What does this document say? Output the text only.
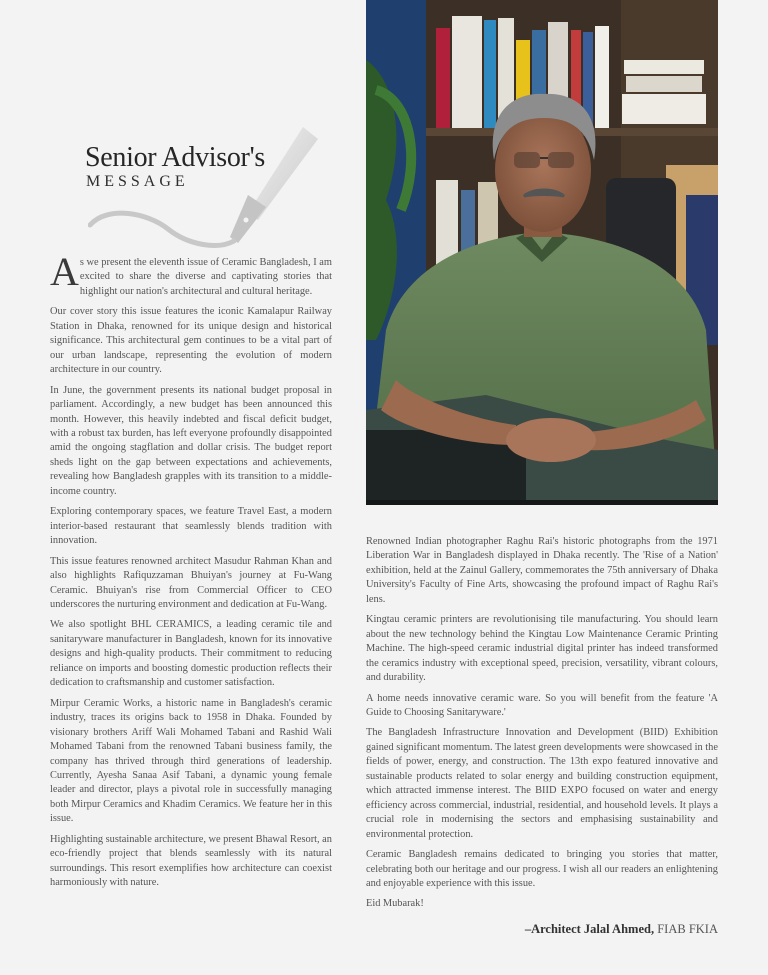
Senior Advisor's
MESSAGE

As we present the eleventh issue of Ceramic Bangladesh, I am excited to share the diverse and captivating stories that highlight our nation's architectural and cultural heritage.

Our cover story this issue features the iconic Kamalapur Railway Station in Dhaka, renowned for its unique design and historical significance. This architectural gem continues to be a vital part of our urban landscape, representing the evolution of modern architecture in our country.

In June, the government presents its national budget proposal in parliament. Accordingly, a new budget has been announced this month. However, this heavily indebted and fiscal deficit budget, with a robust tax burden, has left everyone profoundly disappointed amid the ongoing stagflation and dollar crisis. The budget report sheds light on the gap between expectations and achievements, revealing how Bangladesh grapples with its transition to a middle-income country.

Exploring contemporary spaces, we feature Travel East, a modern interior-based restaurant that seamlessly blends tradition with innovation.

This issue features renowned architect Masudur Rahman Khan and also highlights Rafiquzzaman Bhuiyan's journey at Fu-Wang Ceramic. Bhuiyan's rise from Commercial Officer to CEO underscores the nurturing environment and dedication at Fu-Wang.

We also spotlight BHL CERAMICS, a leading ceramic tile and sanitaryware manufacturer in Bangladesh, known for its innovative designs and high-quality products. Their commitment to reducing reliance on imports and boosting domestic production reflects their dedication to craftsmanship and customer satisfaction.

Mirpur Ceramic Works, a historic name in Bangladesh's ceramic industry, traces its origins back to 1958 in Dhaka. Founded by visionary brothers Ariff Wali Mohamed Tabani and Rashid Wali Mohamed Tabani from the renowned Tabani business family, the company has thrived through third generations of leadership. Currently, Ayesha Sanaa Asif Tabani, a dynamic young female leader and director, plays a pivotal role in successfully managing both Mirpur Ceramics and Khadim Ceramics. We feature her in this issue.

Highlighting sustainable architecture, we present Bhawal Resort, an eco-friendly project that blends seamlessly with its natural surroundings. This resort exemplifies how architecture can coexist harmoniously with nature.

Renowned Indian photographer Raghu Rai's historic photographs from the 1971 Liberation War in Bangladesh displayed in Dhaka recently. The 'Rise of a Nation' exhibition, held at the Zainul Gallery, commemorates the 75th anniversary of Dhaka University's Faculty of Fine Arts, showcasing the profound impact of Raghu Rai's lens.

Kingtau ceramic printers are revolutionising tile manufacturing. You should learn about the new technology behind the Kingtau Low Maintenance Ceramic Printing Machine. The high-speed ceramic industrial digital printer has indeed transformed the ceramics industry with exceptional speed, precision, versatility, vibrant colours, and durability.

A home needs innovative ceramic ware. So you will benefit from the feature 'A Guide to Choosing Sanitaryware.'

The Bangladesh Infrastructure Innovation and Development (BIID) Exhibition gained significant momentum. The latest green developments were showcased in the fields of power, energy, and construction. The 13th expo featured innovative and sustainable products related to solar energy and building construction equipment, which attracted immense interest. The BIID EXPO focused on water and energy efficiency across commercial, industrial, residential, and household levels. It plays a crucial role in modernising the sectors and emphasising sustainability and environmental protection.

Ceramic Bangladesh remains dedicated to bringing you stories that matter, celebrating both our heritage and our progress. I wish all our readers an enlightening and enjoyable experience with this issue.

Eid Mubarak!

–Architect Jalal Ahmed, FIAB FKIA
